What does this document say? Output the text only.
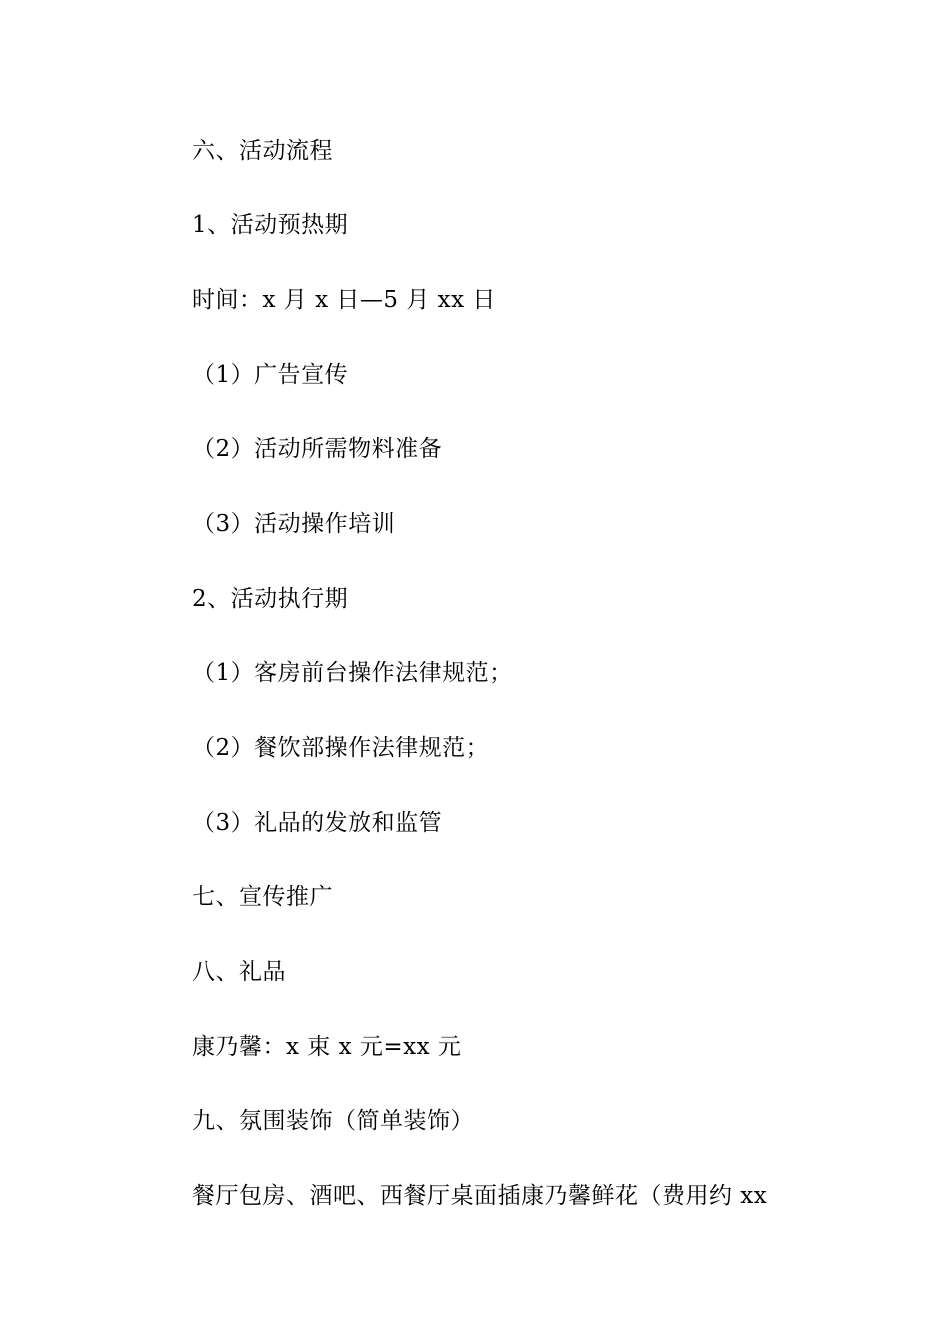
六、活动流程
1、活动预热期
时间：x 月 x 日—5 月 xx 日
（1）广告宣传
（2）活动所需物料准备
（3）活动操作培训
2、活动执行期
（1）客房前台操作法律规范；
（2）餐饮部操作法律规范；
（3）礼品的发放和监管
七、宣传推广
八、礼品
康乃馨：x 束 x 元=xx 元
九、氛围装饰（简单装饰）
餐厅包房、酒吧、西餐厅桌面插康乃馨鲜花（费用约 xx
